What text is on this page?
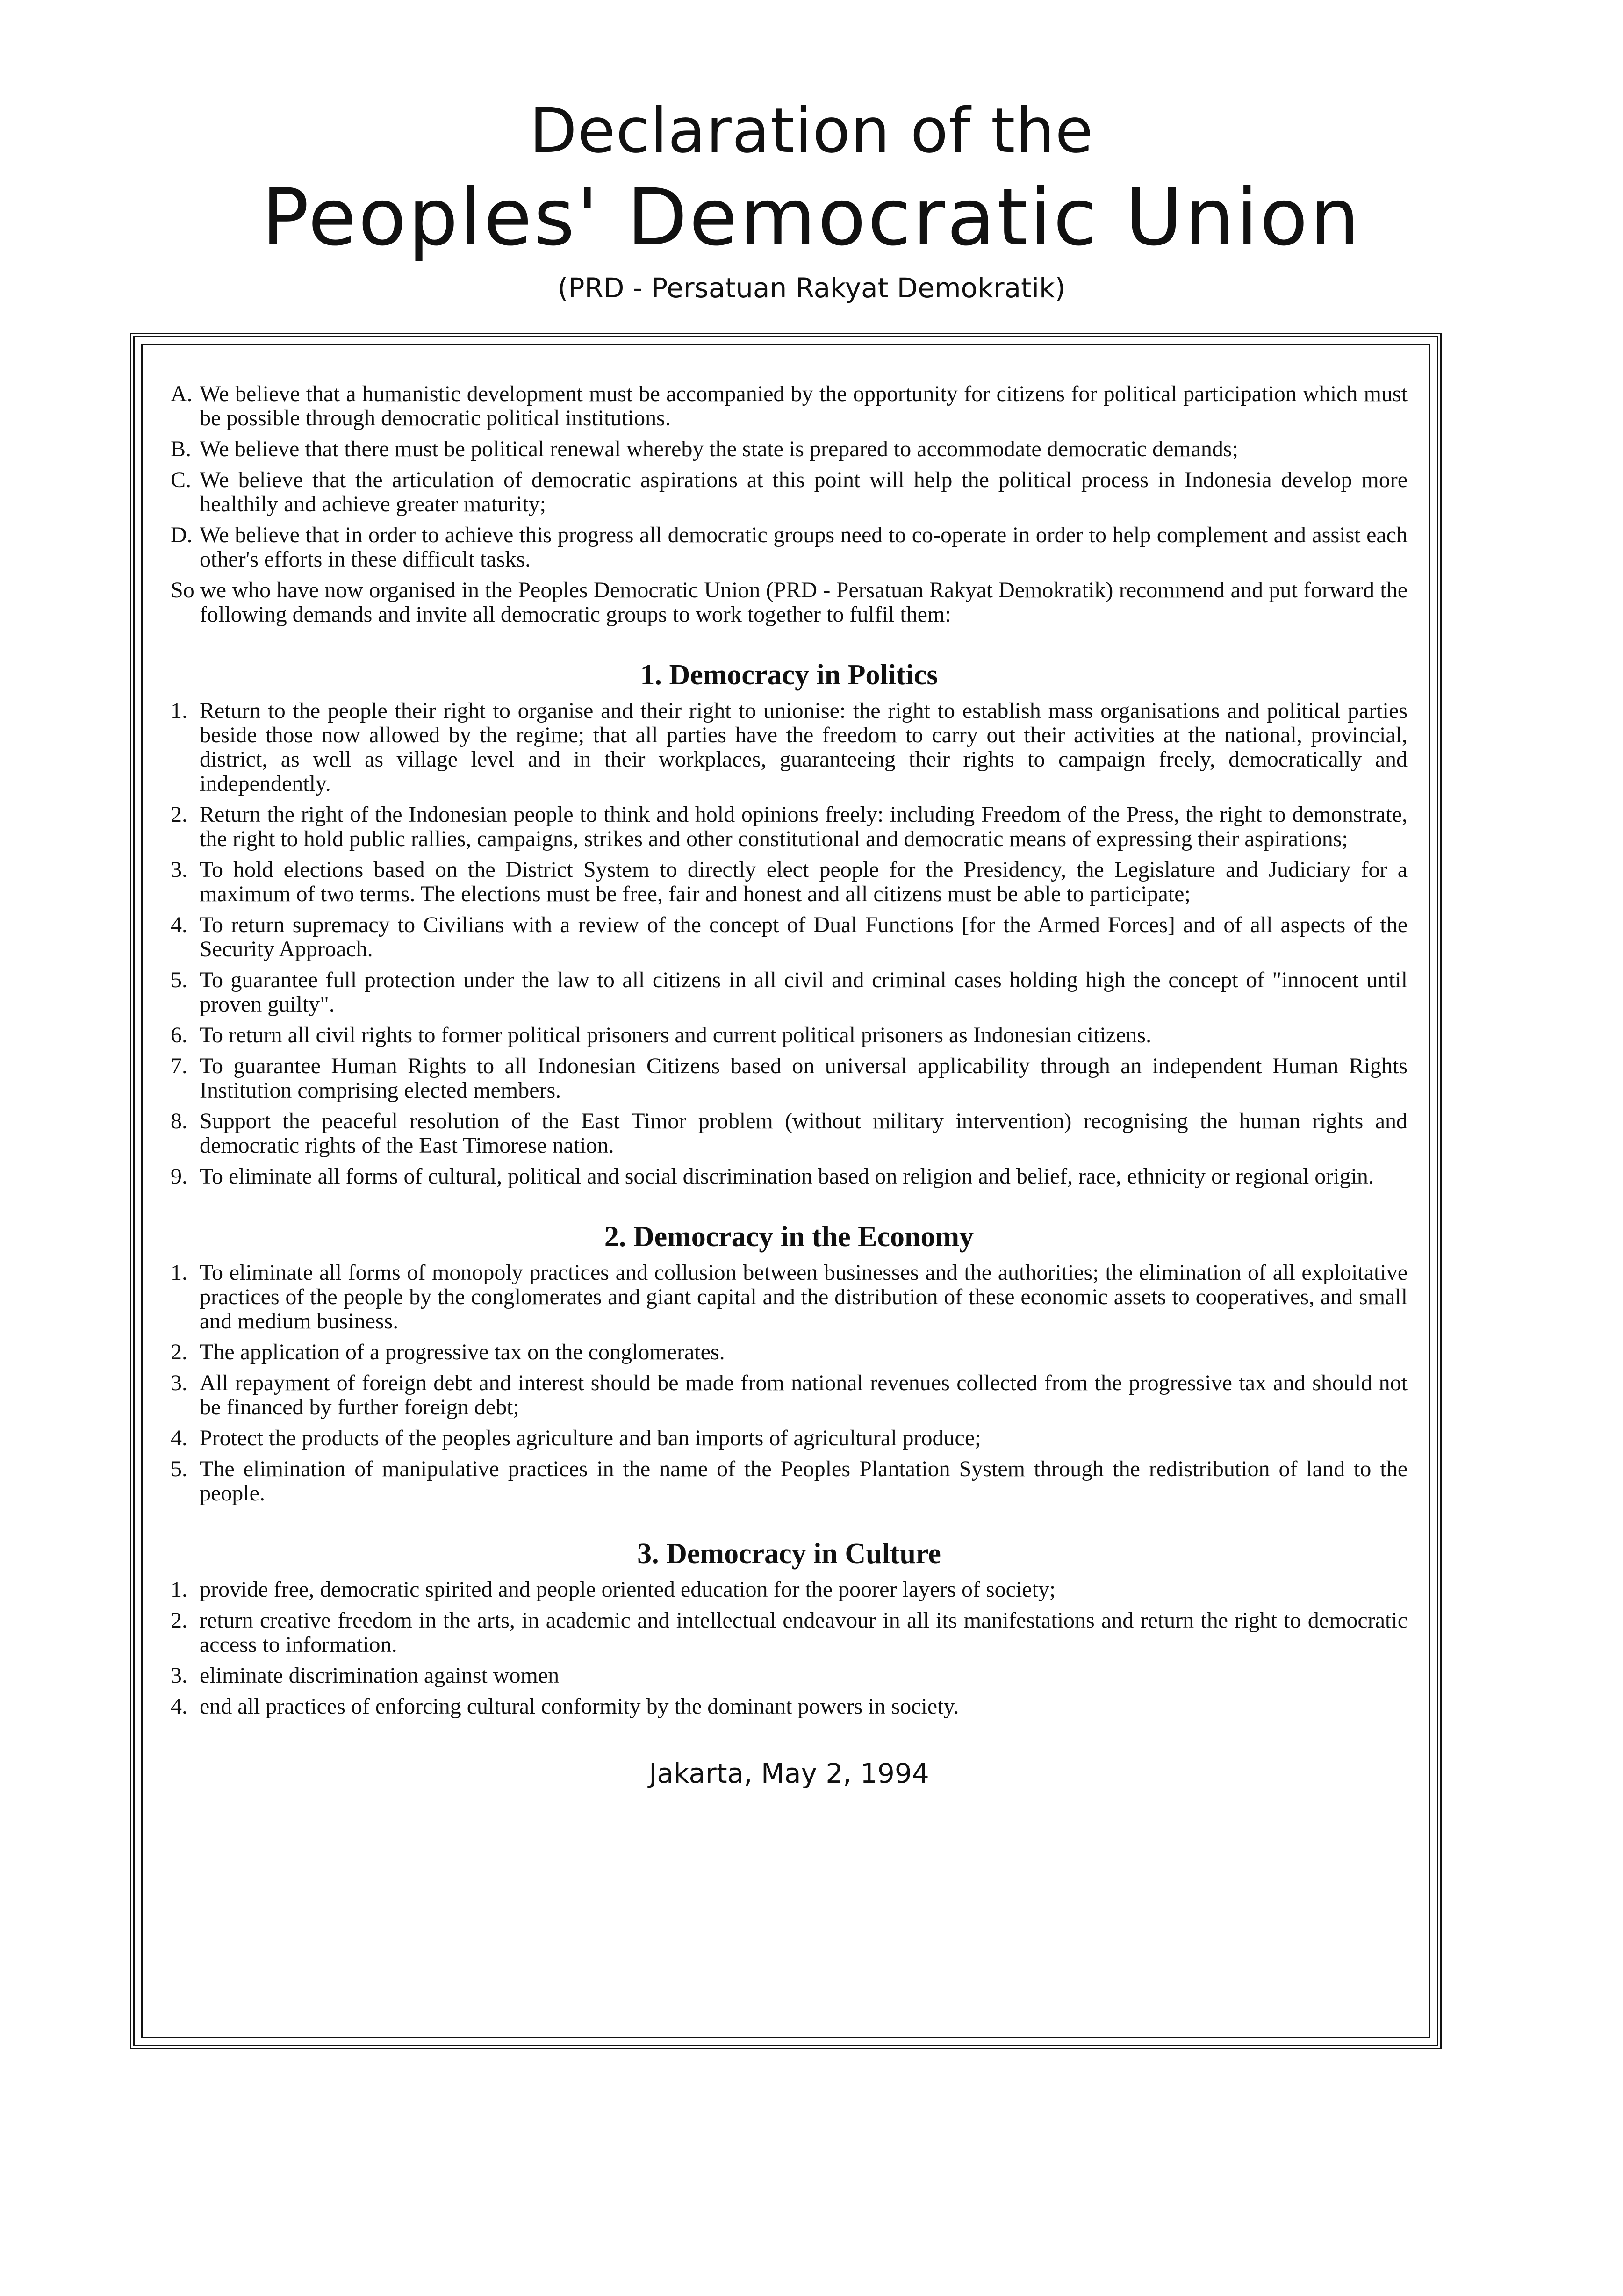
Declaration of the
Peoples' Democratic Union
(PRD - Persatuan Rakyat Demokratik)
A. We believe that a humanistic development must be accompanied by the opportunity for citizens for political participation which must be possible through democratic political institutions.
B. We believe that there must be political renewal whereby the state is prepared to accommodate democratic demands;
C. We believe that the articulation of democratic aspirations at this point will help the political process in Indonesia develop more healthily and achieve greater maturity;
D. We believe that in order to achieve this progress all democratic groups need to co-operate in order to help complement and assist each other's efforts in these difficult tasks.

So we who have now organised in the Peoples Democratic Union (PRD - Persatuan Rakyat Demokratik) recommend and put forward the following demands and invite all democratic groups to work together to fulfil them:

1. Democracy in Politics
1. Return to the people their right to organise and their right to unionise: the right to establish mass organisations and political parties beside those now allowed by the regime; that all parties have the freedom to carry out their activities at the national, provincial, district, as well as village level and in their workplaces, guaranteeing their rights to campaign freely, democratically and independently.
2. Return the right of the Indonesian people to think and hold opinions freely: including Freedom of the Press, the right to demonstrate, the right to hold public rallies, campaigns, strikes and other constitutional and democratic means of expressing their aspirations;
3. To hold elections based on the District System to directly elect people for the Presidency, the Legislature and Judiciary for a maximum of two terms. The elections must be free, fair and honest and all citizens must be able to participate;
4. To return supremacy to Civilians with a review of the concept of Dual Functions [for the Armed Forces] and of all aspects of the Security Approach.
5. To guarantee full protection under the law to all citizens in all civil and criminal cases holding high the concept of "innocent until proven guilty".
6. To return all civil rights to former political prisoners and current political prisoners as Indonesian citizens.
7. To guarantee Human Rights to all Indonesian Citizens based on universal applicability through an independent Human Rights Institution comprising elected members.
8. Support the peaceful resolution of the East Timor problem (without military intervention) recognising the human rights and democratic rights of the East Timorese nation.
9. To eliminate all forms of cultural, political and social discrimination based on religion and belief, race, ethnicity or regional origin.
2. Democracy in the Economy
1. To eliminate all forms of monopoly practices and collusion between businesses and the authorities; the elimination of all exploitative practices of the people by the conglomerates and giant capital and the distribution of these economic assets to cooperatives, and small and medium business.
2. The application of a progressive tax on the conglomerates.
3. All repayment of foreign debt and interest should be made from national revenues collected from the progressive tax and should not be financed by further foreign debt;
4. Protect the products of the peoples agriculture and ban imports of agricultural produce;
5. The elimination of manipulative practices in the name of the Peoples Plantation System through the redistribution of land to the people.
3. Democracy in Culture
1. provide free, democratic spirited and people oriented education for the poorer layers of society;
2. return creative freedom in the arts, in academic and intellectual endeavour in all its manifestations and return the right to democratic access to information.
3. eliminate discrimination against women
4. end all practices of enforcing cultural conformity by the dominant powers in society.
Jakarta, May 2, 1994
